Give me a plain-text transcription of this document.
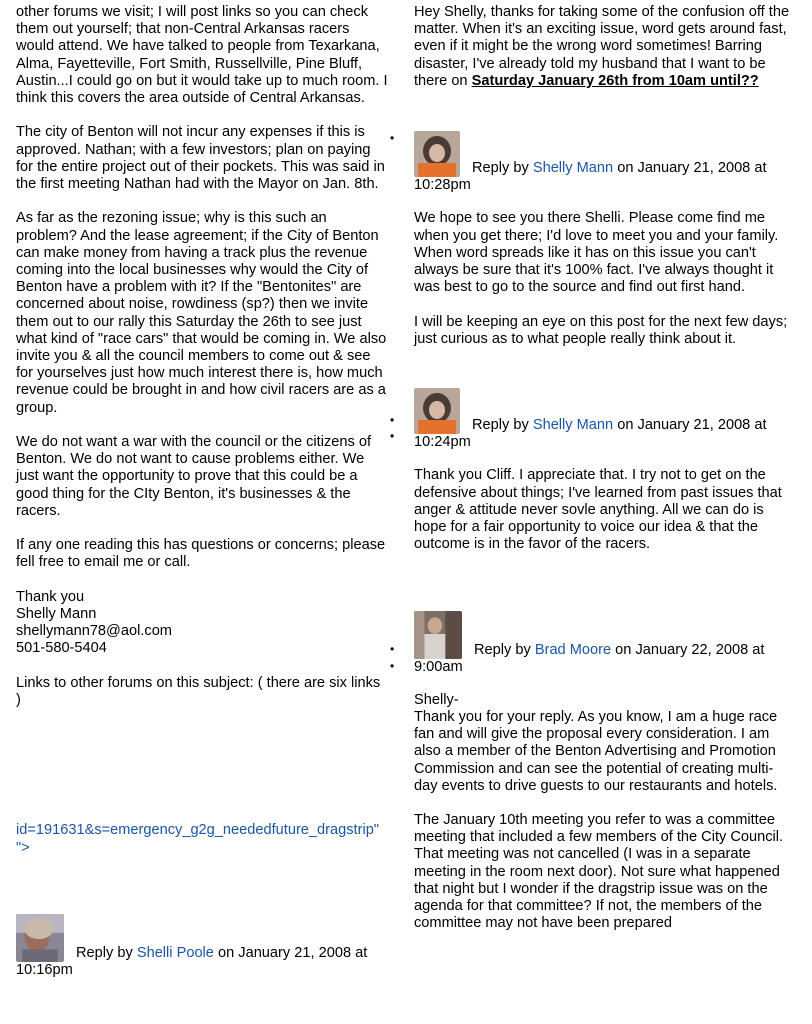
other forums we visit; I will post links so you can check them out yourself; that non-Central Arkansas racers would attend. We have talked to people from Texarkana, Alma, Fayetteville, Fort Smith, Russellville, Pine Bluff, Austin...I could go on but it would take up to much room. I think this covers the area outside of Central Arkansas.

The city of Benton will not incur any expenses if this is approved. Nathan; with a few investors; plan on paying for the entire project out of their pockets. This was said in the first meeting Nathan had with the Mayor on Jan. 8th.

As far as the rezoning issue; why is this such an problem? And the lease agreement; if the City of Benton can make money from having a track plus the revenue coming into the local businesses why would the City of Benton have a problem with it? If the "Bentonites" are concerned about noise, rowdiness (sp?) then we invite them out to our rally this Saturday the 26th to see just what kind of "race cars" that would be coming in. We also invite you & all the council members to come out & see for yourselves just how much interest there is, how much revenue could be brought in and how civil racers are as a group.

We do not want a war with the council or the citizens of Benton. We do not want to cause problems either. We just want the opportunity to prove that this could be a good thing for the CIty Benton, it's businesses & the racers.

If any one reading this has questions or concerns; please fell free to email me or call.

Thank you
Shelly Mann
shellymann78@aol.com
501-580-5404

Links to other forums on this subject: ( there are six links )

id=191631&s=emergency_g2g_neededfuture_dragstrip" ">

Reply by Shelli Poole on January 21, 2008 at
10:16pm
•
•
•
•
•

Hey Shelly, thanks for taking some of the confusion off the matter. When it's an exciting issue, word gets around fast, even if it might be the wrong word sometimes! Barring disaster, I've already told my husband that I want to be there on Saturday January 26th from 10am until??

Reply by Shelly Mann on January 21, 2008 at
10:28pm

We hope to see you there Shelli. Please come find me when you get there; I'd love to meet you and your family. When word spreads like it has on this issue you can't always be sure that it's 100% fact. I've always thought it was best to go to the source and find out first hand.

I will be keeping an eye on this post for the next few days; just curious as to what people really think about it.

Reply by Shelly Mann on January 21, 2008 at
10:24pm

Thank you Cliff. I appreciate that. I try not to get on the defensive about things; I've learned from past issues that anger & attitude never sovle anything. All we can do is hope for a fair opportunity to voice our idea & that the outcome is in the favor of the racers.

Reply by Brad Moore on January 22, 2008 at
9:00am

Shelly-
Thank you for your reply. As you know, I am a huge race fan and will give the proposal every consideration. I am also a member of the Benton Advertising and Promotion Commission and can see the potential of creating multi-day events to drive guests to our restaurants and hotels.

The January 10th meeting you refer to was a committee meeting that included a few members of the City Council. That meeting was not cancelled (I was in a separate meeting in the room next door). Not sure what happened that night but I wonder if the dragstrip issue was on the agenda for that committee? If not, the members of the committee may not have been prepared
